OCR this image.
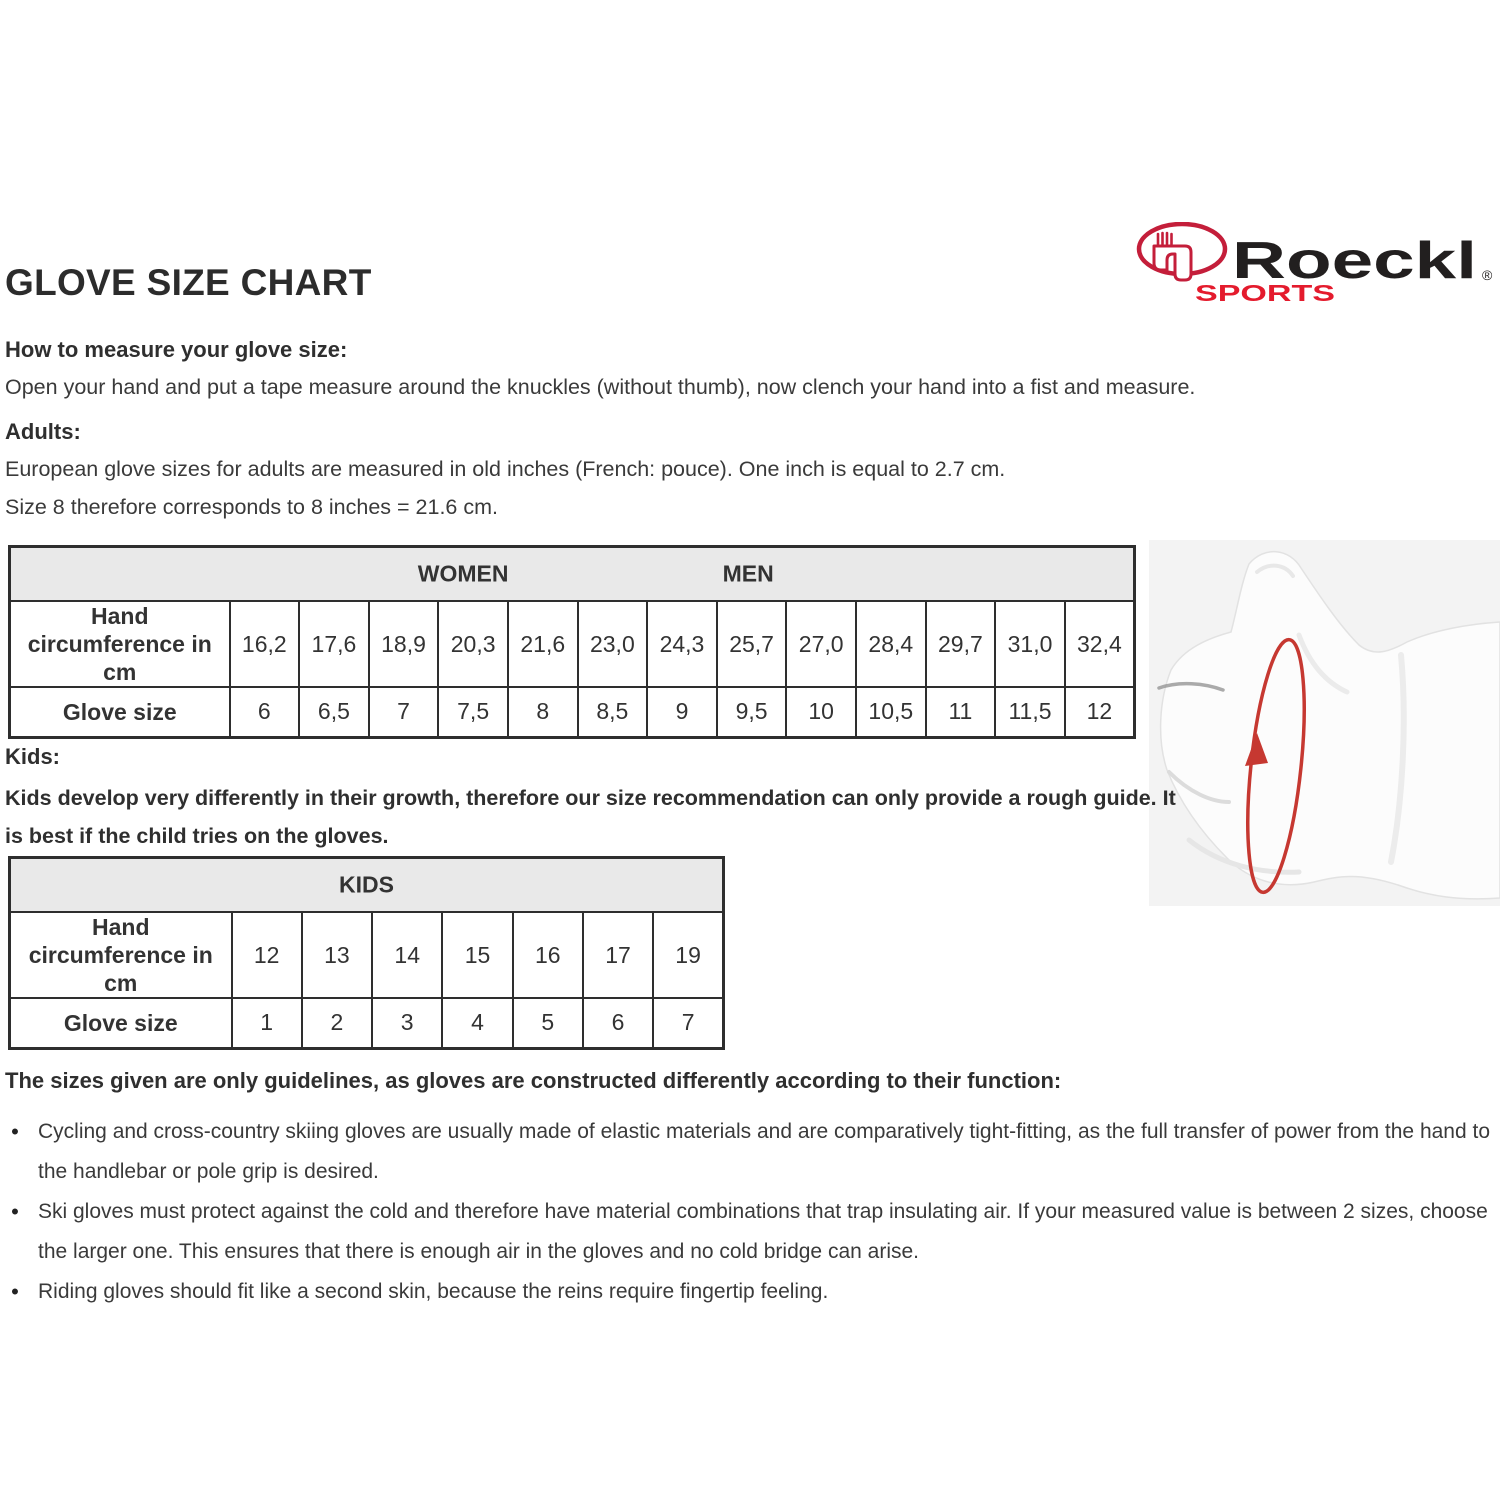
GLOVE SIZE CHART	Roeckl ®
SPORTS
How to measure your glove size:
Open your hand and put a tape measure around the knuckles (without thumb), now clench your hand into a fist and measure.
Adults:
European glove sizes for adults are measured in old inches (French: pouce). One inch is equal to 2.7 cm.
Size 8 therefore corresponds to 8 inches = 21.6 cm.
WOMEN MEN													

Hand circumference in cm	16,2	17,6	18,9	20,3	21,6	23,0	24,3	25,7	27,0	28,4	29,7	31,0	32,4
Glove size	6	6,5	7	7,5	8	8,5	9	9,5	10	10,5	11	11,5	12
Kids:
Kids develop very differently in their growth, therefore our size recommendation can only provide a rough guide. It is best if the child tries on the gloves.
KIDS							

Hand circumference in cm	12	13	14	15	16	17	19
Glove size	1	2	3	4	5	6	7
The sizes given are only guidelines, as gloves are constructed differently according to their function:
• Cycling and cross-country skiing gloves are usually made of elastic materials and are comparatively tight-fitting, as the full transfer of power from the hand to the handlebar or pole grip is desired.
• Ski gloves must protect against the cold and therefore have material combinations that trap insulating air. If your measured value is between 2 sizes, choose the larger one. This ensures that there is enough air in the gloves and no cold bridge can arise.
• Riding gloves should fit like a second skin, because the reins require fingertip feeling.
